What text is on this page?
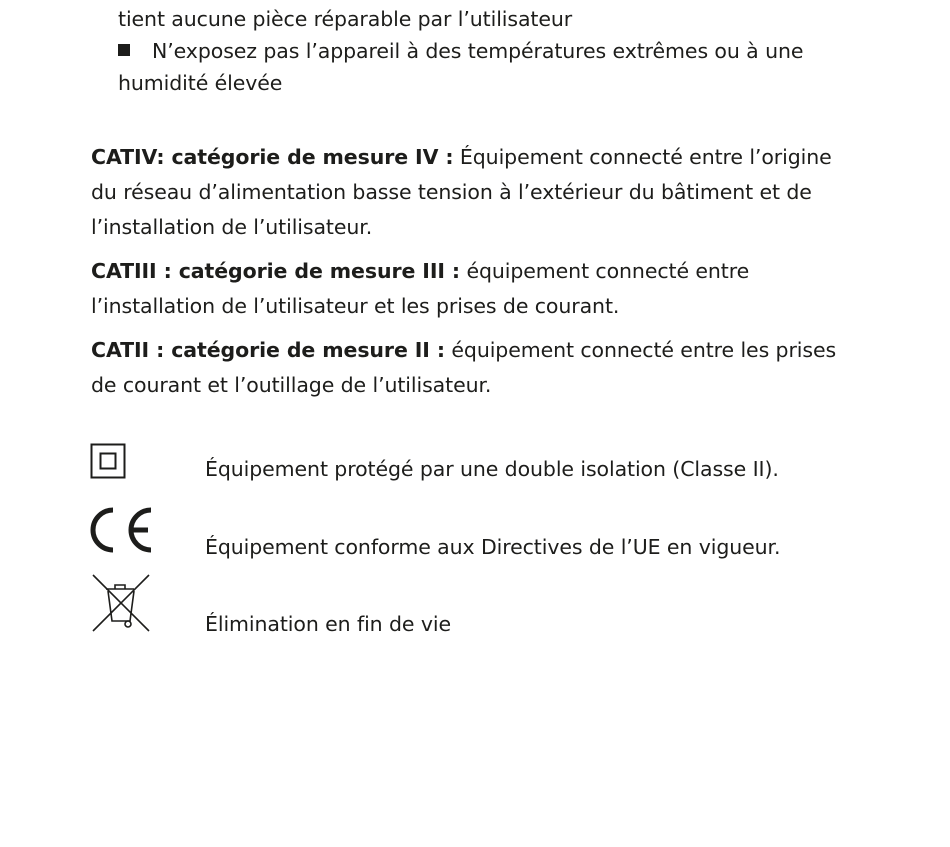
tient aucune pièce réparable par l’utilisateur
N’exposez pas l’appareil à des températures extrêmes ou à une
humidité élevée
CATIV: catégorie de mesure IV : Équipement connecté entre l’origine du réseau d’alimentation basse tension à l’extérieur du bâtiment et de l’installation de l’utilisateur.
CATIII : catégorie de mesure III : équipement connecté entre l’installation de l’utilisateur et les prises de courant.
CATII : catégorie de mesure II : équipement connecté entre les prises de courant et l’outillage de l’utilisateur.
Équipement protégé par une double isolation (Classe II).
Équipement conforme aux Directives de l’UE en vigueur.
Élimination en fin de vie
